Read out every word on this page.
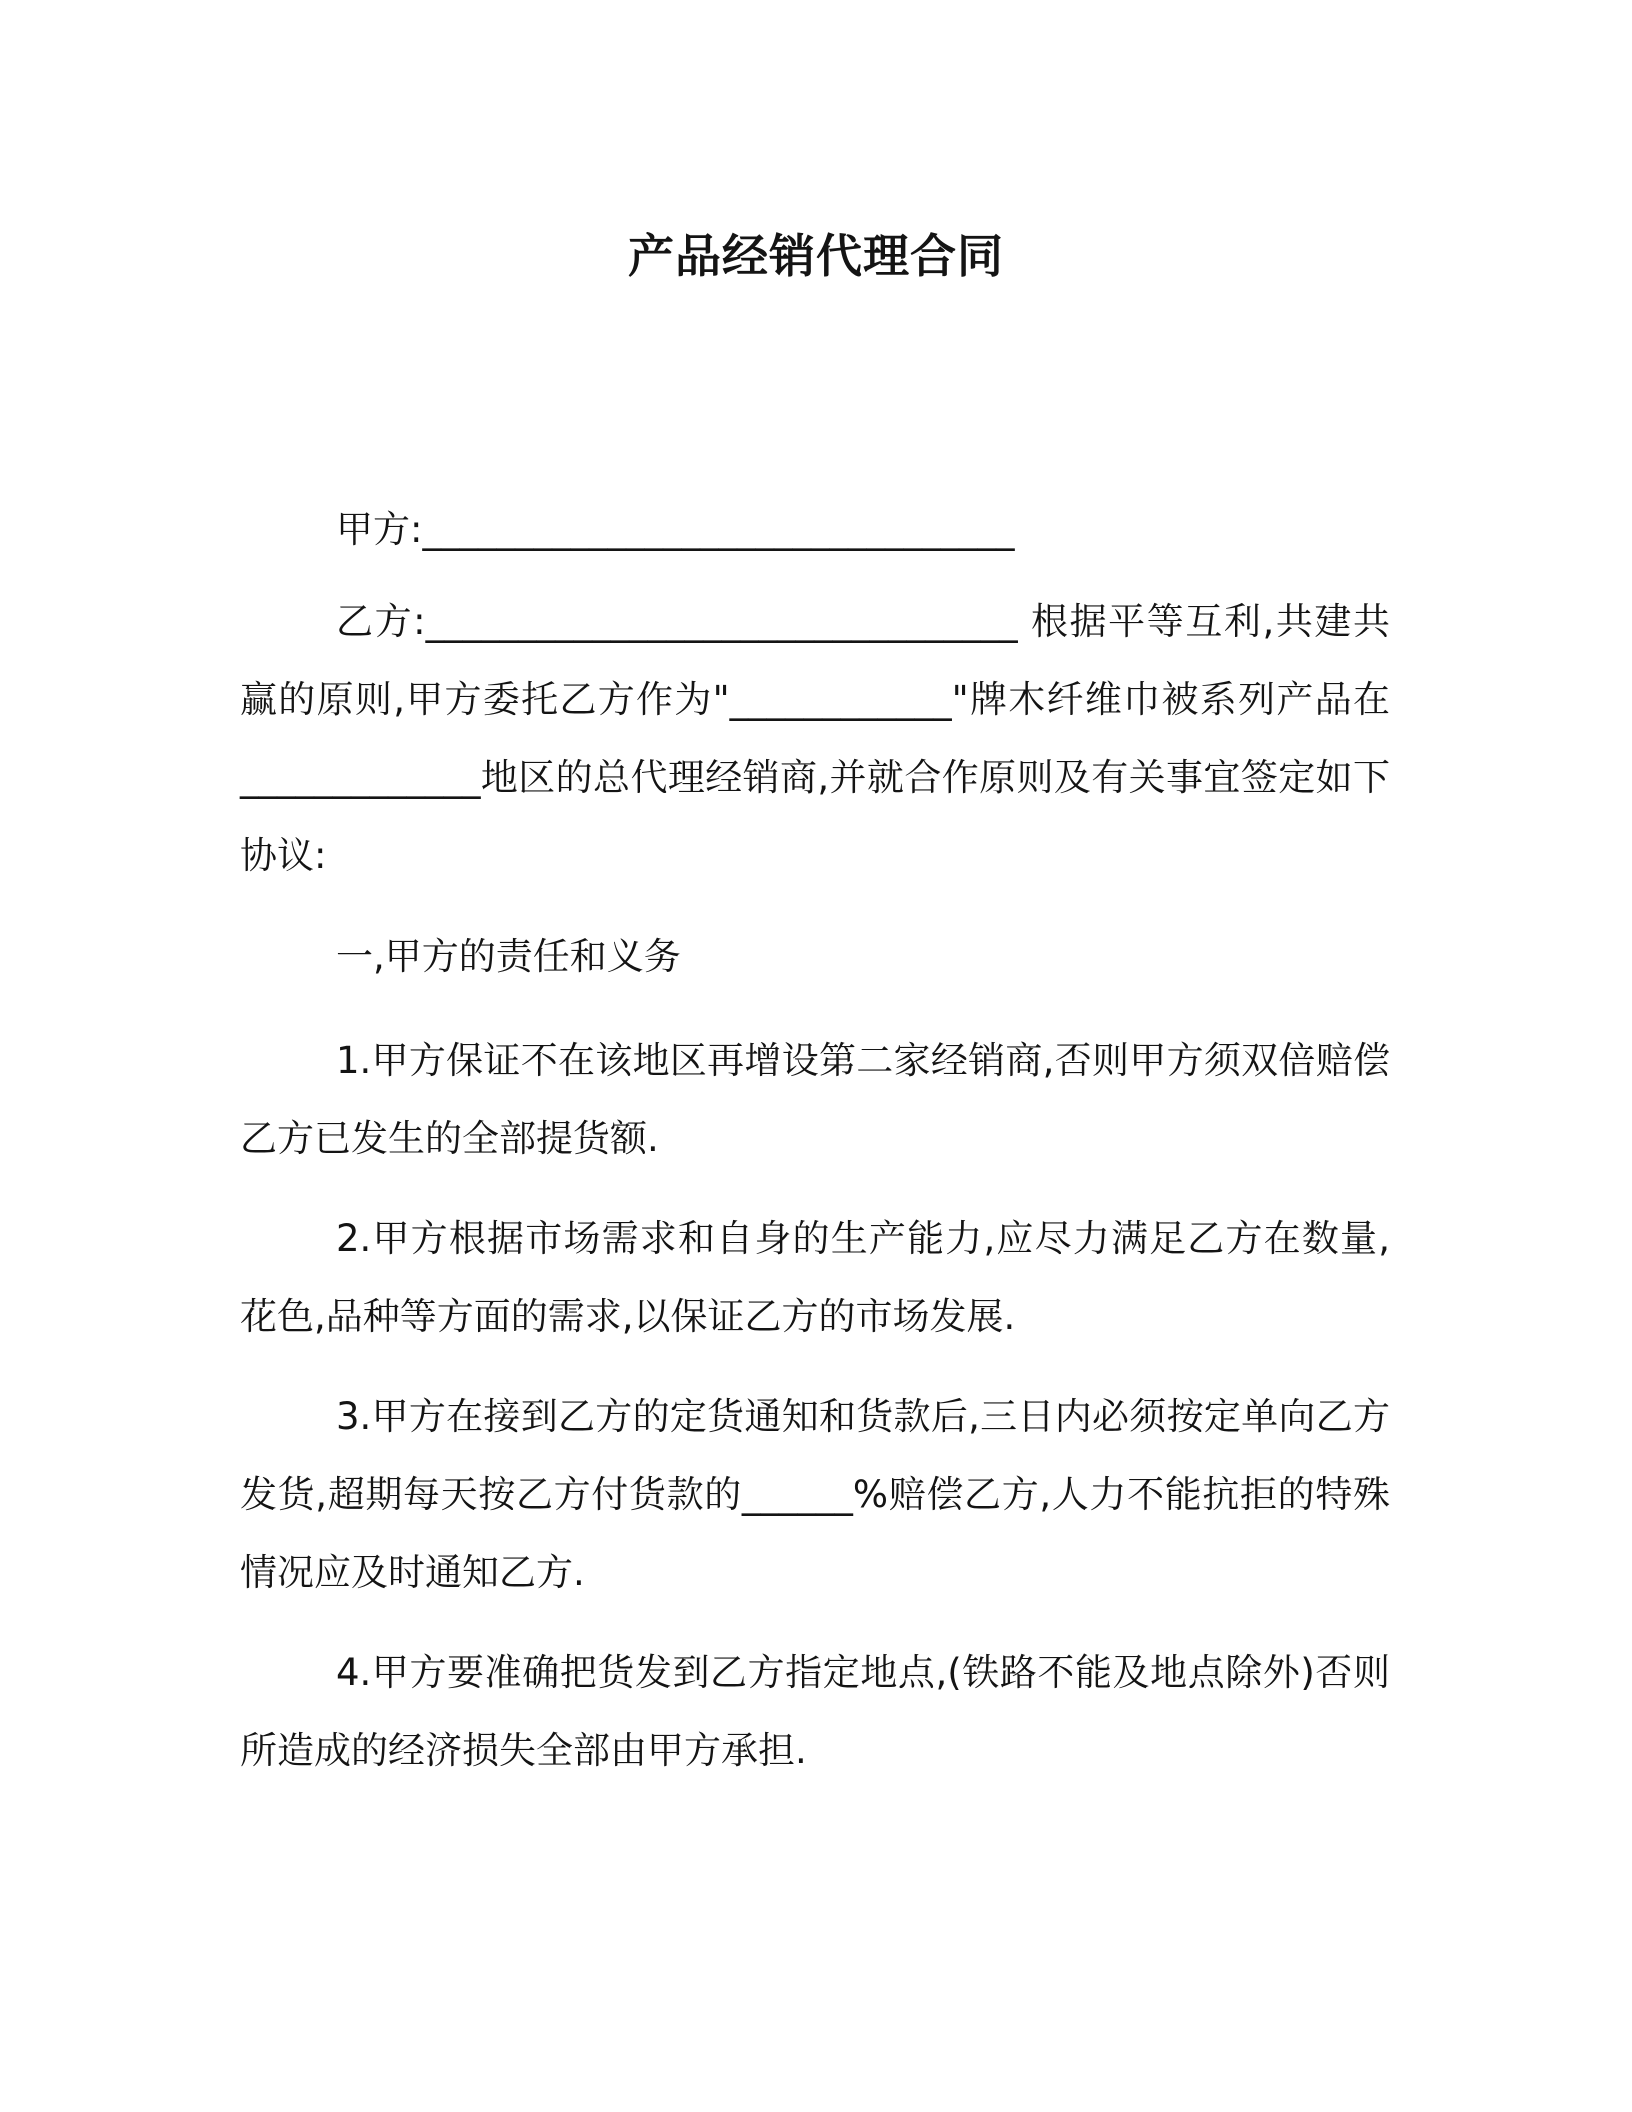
产品经销代理合同

甲方:________________________________

乙方:________________________________ 根据平等互利,共建共赢的原则,甲方委托乙方作为"____________"牌木纤维巾被系列产品在_____________地区的总代理经销商,并就合作原则及有关事宜签定如下协议:

一,甲方的责任和义务

1.甲方保证不在该地区再增设第二家经销商,否则甲方须双倍赔偿乙方已发生的全部提货额.

2.甲方根据市场需求和自身的生产能力,应尽力满足乙方在数量,花色,品种等方面的需求,以保证乙方的市场发展.

3.甲方在接到乙方的定货通知和货款后,三日内必须按定单向乙方发货,超期每天按乙方付货款的______%赔偿乙方,人力不能抗拒的特殊情况应及时通知乙方.

4.甲方要准确把货发到乙方指定地点,(铁路不能及地点除外)否则所造成的经济损失全部由甲方承担.
